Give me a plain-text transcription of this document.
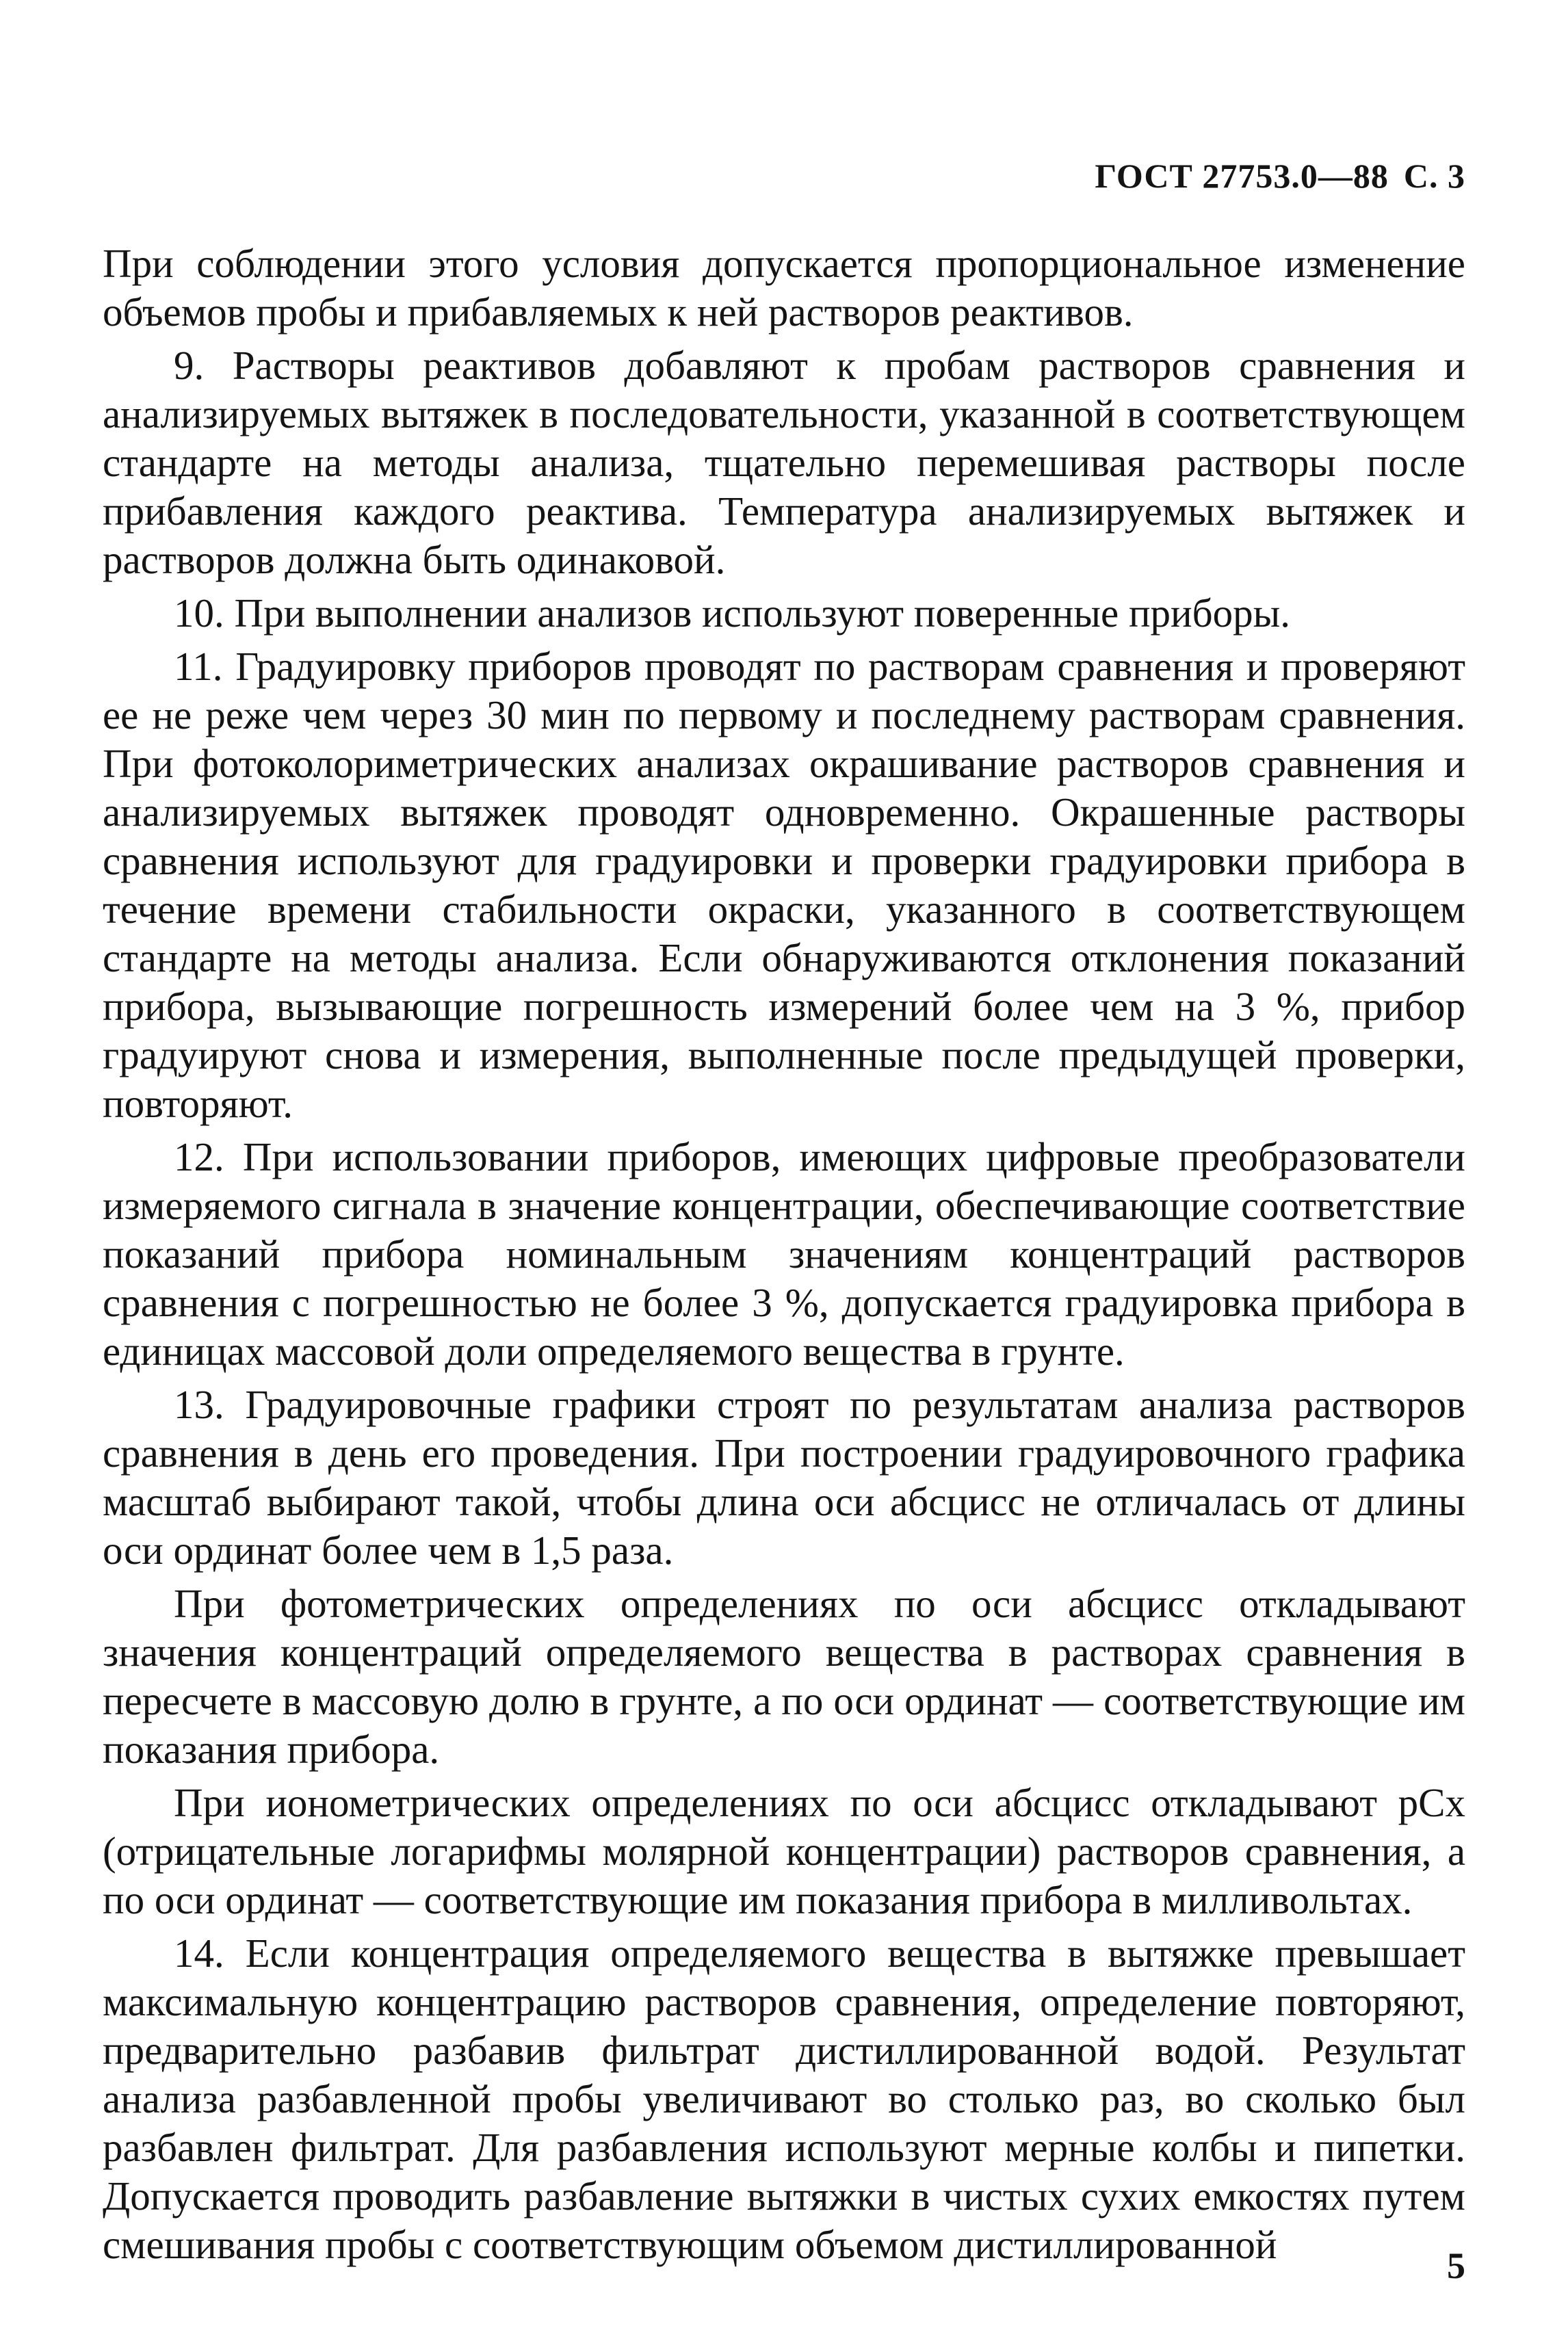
ГОСТ 27753.0—88 С. 3

При соблюдении этого условия допускается пропорциональное изменение объемов пробы и прибавляемых к ней растворов реактивов.

9. Растворы реактивов добавляют к пробам растворов сравнения и анализируемых вытяжек в последовательности, указанной в соответствующем стандарте на методы анализа, тщательно перемешивая растворы после прибавления каждого реактива. Температура анализируемых вытяжек и растворов должна быть одинаковой.

10. При выполнении анализов используют поверенные приборы.

11. Градуировку приборов проводят по растворам сравнения и проверяют ее не реже чем через 30 мин по первому и последнему растворам сравнения. При фотоколориметрических анализах окрашивание растворов сравнения и анализируемых вытяжек проводят одновременно. Окрашенные растворы сравнения используют для градуировки и проверки градуировки прибора в течение времени стабильности окраски, указанного в соответствующем стандарте на методы анализа. Если обнаруживаются отклонения показаний прибора, вызывающие погрешность измерений более чем на 3 %, прибор градуируют снова и измерения, выполненные после предыдущей проверки, повторяют.

12. При использовании приборов, имеющих цифровые преобразователи измеряемого сигнала в значение концентрации, обеспечивающие соответствие показаний прибора номинальным значениям концентраций растворов сравнения с погрешностью не более 3 %, допускается градуировка прибора в единицах массовой доли определяемого вещества в грунте.

13. Градуировочные графики строят по результатам анализа растворов сравнения в день его проведения. При построении градуировочного графика масштаб выбирают такой, чтобы длина оси абсцисс не отличалась от длины оси ординат более чем в 1,5 раза.

При фотометрических определениях по оси абсцисс откладывают значения концентраций определяемого вещества в растворах сравнения в пересчете в массовую долю в грунте, а по оси ординат — соответствующие им показания прибора.

При ионометрических определениях по оси абсцисс откладывают pCx (отрицательные логарифмы молярной концентрации) растворов сравнения, а по оси ординат — соответствующие им показания прибора в милливольтах.

14. Если концентрация определяемого вещества в вытяжке превышает максимальную концентрацию растворов сравнения, определение повторяют, предварительно разбавив фильтрат дистиллированной водой. Результат анализа разбавленной пробы увеличивают во столько раз, во сколько был разбавлен фильтрат. Для разбавления используют мерные колбы и пипетки. Допускается проводить разбавление вытяжки в чистых сухих емкостях путем смешивания пробы с соответствующим объемом дистиллированной	5
